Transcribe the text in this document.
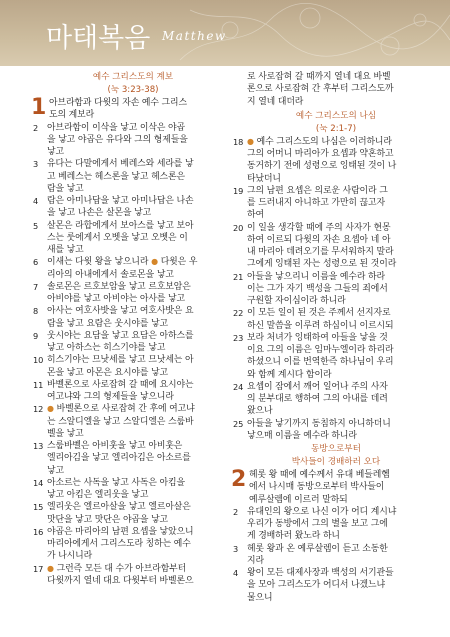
마태복음 Matthew
예수 그리스도의 계보
(눅 3:23-38)
1 아브라함과 다윗의 자손 예수 그리스
도의 계보라
2 아브라함이 이삭을 낳고 이삭은 야곱
을 낳고 야곱은 유다와 그의 형제들을
낳고
3 유다는 다말에게서 베레스와 세라를 낳
고 베레스는 헤스론을 낳고 헤스론은
람을 낳고
4 람은 아미나답을 낳고 아미나답은 나손
을 낳고 나손은 살몬을 낳고
5 살몬은 라합에게서 보아스를 낳고 보아
스는 룻에게서 오벳을 낳고 오벳은 이
새를 낳고
6 이새는 다윗 왕을 낳으니라 ● 다윗은 우
리아의 아내에게서 솔로몬을 낳고
7 솔로몬은 르호보암을 낳고 르호보암은
아비야를 낳고 아비야는 아사를 낳고
8 아사는 여호사밧을 낳고 여호사밧은 요
람을 낳고 요람은 웃시야를 낳고
9 웃시야는 요담을 낳고 요담은 아하스를
낳고 아하스는 히스기야를 낳고
10 히스기야는 므낫세를 낳고 므낫세는 아
몬을 낳고 아몬은 요시야를 낳고
11 바벨론으로 사로잡혀 갈 때에 요시야는
여고냐와 그의 형제들을 낳으니라
12 ● 바벨론으로 사로잡혀 간 후에 여고냐
는 스알디엘을 낳고 스알디엘은 스룹바
벨을 낳고
13 스룹바벨은 아비훗을 낳고 아비훗은
엘리아김을 낳고 엘리아김은 아소르를
낳고
14 아소르는 사독을 낳고 사독은 아킴을
낳고 아킴은 엘리웃을 낳고
15 엘리웃은 엘르아살을 낳고 엘르아살은
맛단을 낳고 맛단은 야곱을 낳고
16 야곱은 마리아의 남편 요셉을 낳았으니
마리아에게서 그리스도라 칭하는 예수
가 나시니라
17 ● 그런즉 모든 대 수가 아브라함부터
다윗까지 열네 대요 다윗부터 바벨론으
로 사로잡혀 갈 때까지 열네 대요 바벨
론으로 사로잡혀 간 후부터 그리스도까
지 열네 대더라
예수 그리스도의 나심
(눅 2:1-7)
18 ● 예수 그리스도의 나심은 이러하니라
그의 어머니 마리아가 요셉과 약혼하고
동거하기 전에 성령으로 잉태된 것이 나
타났더니
19 그의 남편 요셉은 의로운 사람이라 그
를 드러내지 아니하고 가만히 끊고자
하여
20 이 일을 생각할 때에 주의 사자가 현몽
하여 이르되 다윗의 자손 요셉아 네 아
내 마리아 데려오기를 무서워하지 말라
그에게 잉태된 자는 성령으로 된 것이라
21 아들을 낳으리니 이름을 예수라 하라
이는 그가 자기 백성을 그들의 죄에서
구원할 자이심이라 하니라
22 이 모든 일이 된 것은 주께서 선지자로
하신 말씀을 이루려 하심이니 이르시되
23 보라 처녀가 잉태하여 아들을 낳을 것
이요 그의 이름은 임마누엘이라 하리라
하셨으니 이를 번역한즉 하나님이 우리
와 함께 계시다 함이라
24 요셉이 잠에서 깨어 일어나 주의 사자
의 분부대로 행하여 그의 아내를 데려
왔으나
25 아들을 낳기까지 동침하지 아니하더니
낳으매 이름을 예수라 하니라
동방으로부터
박사들이 경배하러 오다
2 헤롯 왕 때에 예수께서 유대 베들레헴
에서 나시매 동방으로부터 박사들이
예루살렘에 이르러 말하되
2 유대인의 왕으로 나신 이가 어디 계시냐
우리가 동방에서 그의 별을 보고 그에
게 경배하러 왔노라 하니
3 헤롯 왕과 온 예루살렘이 듣고 소동한
지라
4 왕이 모든 대제사장과 백성의 서기관들
을 모아 그리스도가 어디서 나겠느냐
물으니
